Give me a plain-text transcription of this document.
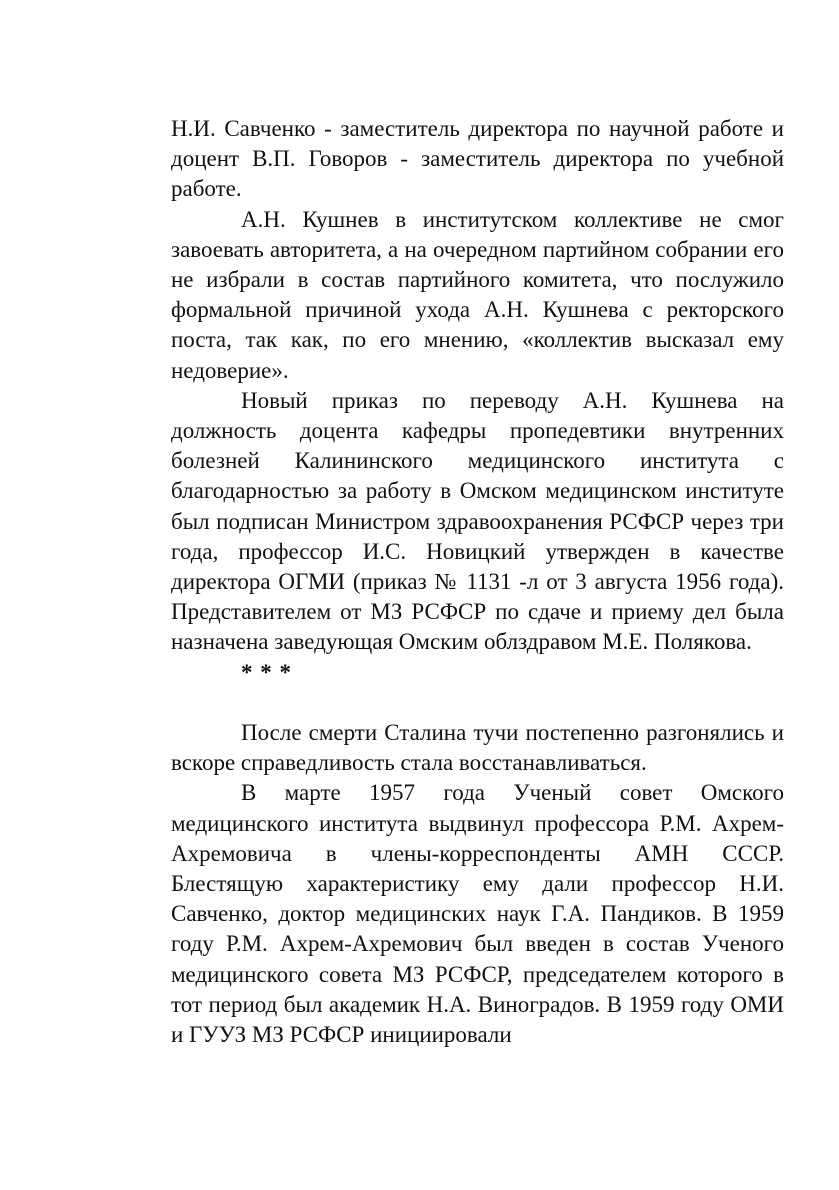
Н.И. Савченко - заместитель директора по научной работе и доцент В.П. Говоров - заместитель директора по учебной работе.

А.Н. Кушнев в институтском коллективе не смог завоевать авторитета, а на очередном партийном собрании его не избрали в состав партийного комитета, что послужило формальной причиной ухода А.Н. Кушнева с ректорского поста, так как, по его мнению, «коллектив высказал ему недоверие».

Новый приказ по переводу А.Н. Кушнева на должность доцента кафедры пропедевтики внутренних болезней Калининского медицинского института с благодарностью за работу в Омском медицинском институте был подписан Министром здравоохранения РСФСР через три года, профессор И.С. Новицкий утвержден в качестве директора ОГМИ (приказ № 1131 -л от 3 августа 1956 года). Представителем от МЗ РСФСР по сдаче и приему дел была назначена заведующая Омским облздравом М.Е. Полякова.

* * *

После смерти Сталина тучи постепенно разгонялись и вскоре справедливость стала восстанавливаться.

В марте 1957 года Ученый совет Омского медицинского института выдвинул профессора Р.М. Ахрем-Ахремовича в члены-корреспонденты АМН СССР. Блестящую характеристику ему дали профессор Н.И. Савченко, доктор медицинских наук Г.А. Пандиков. В 1959 году Р.М. Ахрем-Ахремович был введен в состав Ученого медицинского совета МЗ РСФСР, председателем которого в тот период был академик Н.А. Виноградов. В 1959 году ОМИ и ГУУЗ МЗ РСФСР инициировали
